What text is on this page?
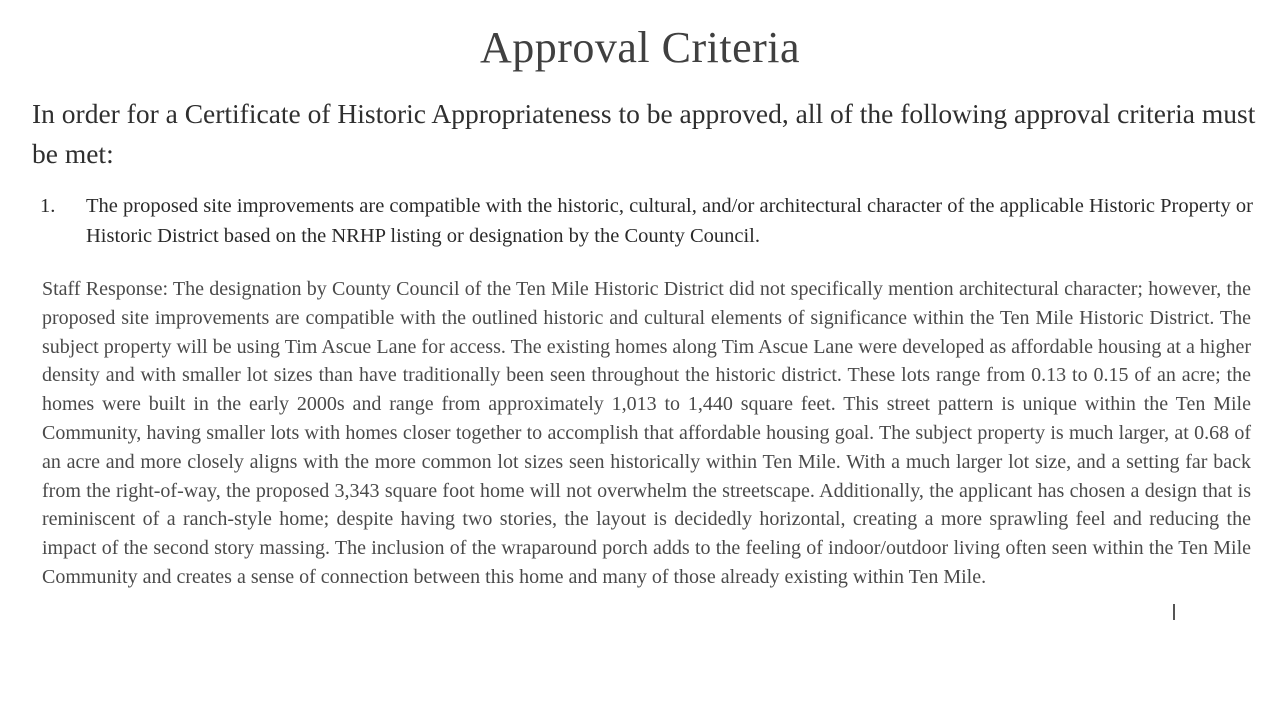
Approval Criteria
In order for a Certificate of Historic Appropriateness to be approved, all of the following approval criteria must be met:
1.	The proposed site improvements are compatible with the historic, cultural, and/or architectural character of the applicable Historic Property or Historic District based on the NRHP listing or designation by the County Council.
Staff Response: The designation by County Council of the Ten Mile Historic District did not specifically mention architectural character; however, the proposed site improvements are compatible with the outlined historic and cultural elements of significance within the Ten Mile Historic District. The subject property will be using Tim Ascue Lane for access. The existing homes along Tim Ascue Lane were developed as affordable housing at a higher density and with smaller lot sizes than have traditionally been seen throughout the historic district. These lots range from 0.13 to 0.15 of an acre; the homes were built in the early 2000s and range from approximately 1,013 to 1,440 square feet. This street pattern is unique within the Ten Mile Community, having smaller lots with homes closer together to accomplish that affordable housing goal. The subject property is much larger, at 0.68 of an acre and more closely aligns with the more common lot sizes seen historically within Ten Mile. With a much larger lot size, and a setting far back from the right-of-way, the proposed 3,343 square foot home will not overwhelm the streetscape. Additionally, the applicant has chosen a design that is reminiscent of a ranch-style home; despite having two stories, the layout is decidedly horizontal, creating a more sprawling feel and reducing the impact of the second story massing. The inclusion of the wraparound porch adds to the feeling of indoor/outdoor living often seen within the Ten Mile Community and creates a sense of connection between this home and many of those already existing within Ten Mile.
